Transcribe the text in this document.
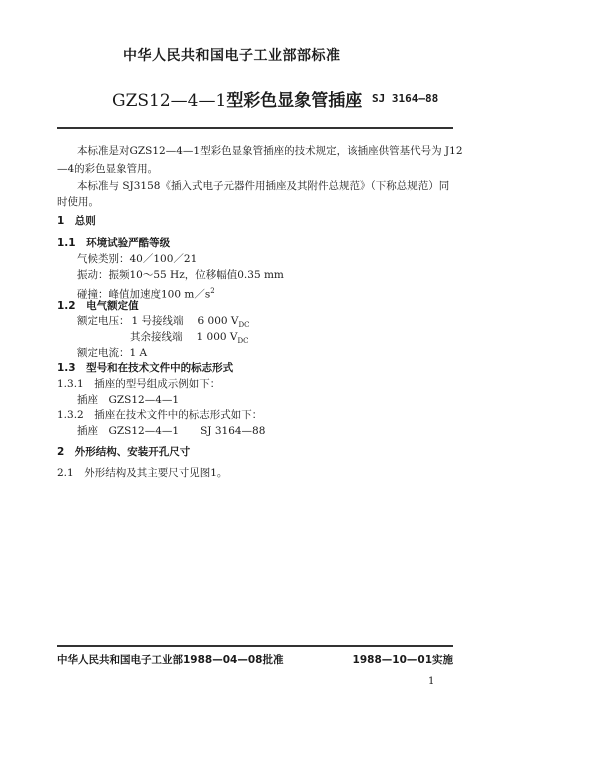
中华人民共和国电子工业部部标准
GZS12—4—1型彩色显象管插座 SJ 3164—88
本标准是对GZS12—4—1型彩色显象管插座的技术规定，该插座供管基代号为 J12
—4的彩色显象管用。
本标准与 SJ3158《插入式电子元器件用插座及其附件总规范》（下称总规范）同
时使用。
1　总则
1.1　环境试验严酷等级
气候类别：40／100／21
振动：振频10～55 Hz，位移幅值0.35 mm
碰撞：峰值加速度100 $m/s^2$
1.2　电气额定值
额定电压： 1 号接线端 6 000 $V_{DC}$
其余接线端 1 000 $V_{DC}$
额定电流：1 A
1.3　型号和在技术文件中的标志形式
1.3.1　插座的型号组成示例如下：
插座　GZS12—4—1
1.3.2　插座在技术文件中的标志形式如下：
插座　GZS12—4—1　　SJ 3164—88
2　外形结构、安装开孔尺寸
2.1　外形结构及其主要尺寸见图1。
中华人民共和国电子工业部1988—04—08批准	1988—10—01实施
1
